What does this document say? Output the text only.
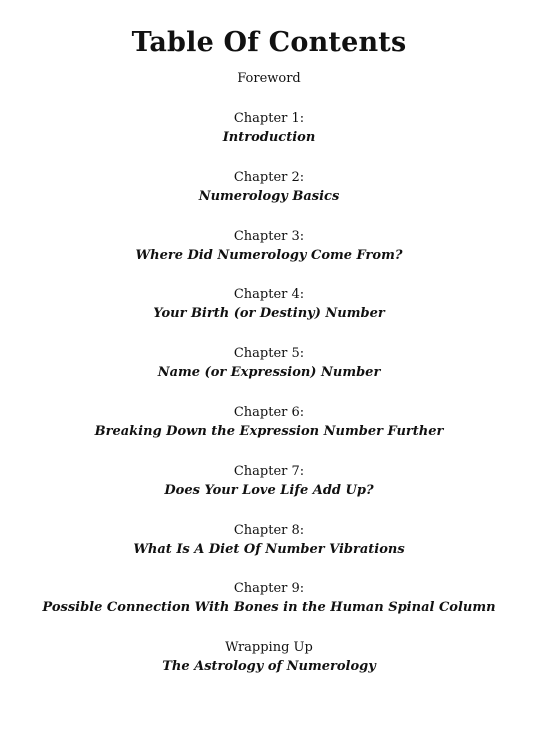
Table Of Contents
Foreword
Chapter 1:
Introduction
Chapter 2:
Numerology Basics
Chapter 3:
Where Did Numerology Come From?
Chapter 4:
Your Birth (or Destiny) Number
Chapter 5:
Name (or Expression) Number
Chapter 6:
Breaking Down the Expression Number Further
Chapter 7:
Does Your Love Life Add Up?
Chapter 8:
What Is A Diet Of Number Vibrations
Chapter 9:
Possible Connection With Bones in the Human Spinal Column
Wrapping Up
The Astrology of Numerology
